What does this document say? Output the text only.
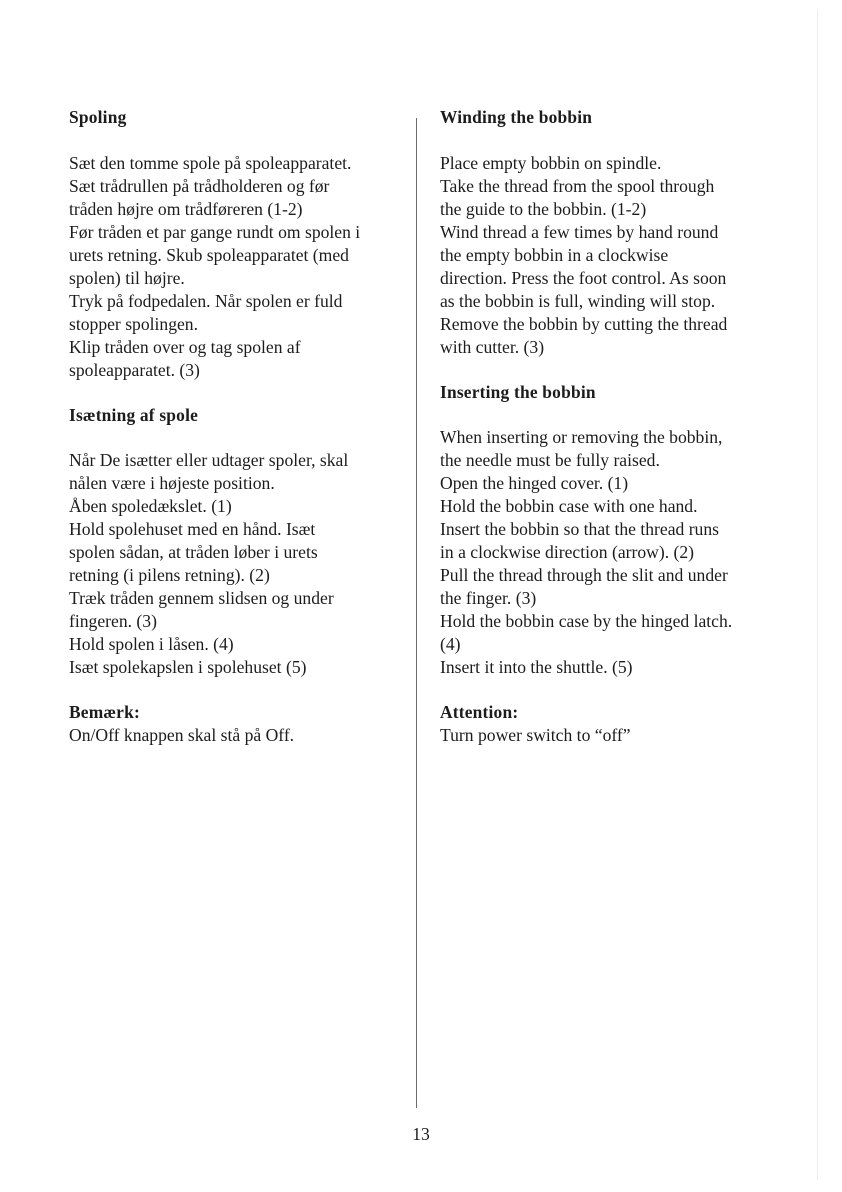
Spoling

Sæt den tomme spole på spoleapparatet.
Sæt trådrullen på trådholderen og før
tråden højre om trådføreren (1-2)
Før tråden et par gange rundt om spolen i
urets retning. Skub spoleapparatet (med
spolen) til højre.
Tryk på fodpedalen. Når spolen er fuld
stopper spolingen.
Klip tråden over og tag spolen af
spoleapparatet. (3)

Isætning af spole

Når De isætter eller udtager spoler, skal
nålen være i højeste position.
Åben spoledækslet. (1)
Hold spolehuset med en hånd. Isæt
spolen sådan, at tråden løber i urets
retning (i pilens retning). (2)
Træk tråden gennem slidsen og under
fingeren. (3)
Hold spolen i låsen. (4)
Isæt spolekapslen i spolehuset (5)

Bemærk:

On/Off knappen skal stå på Off.

Winding the bobbin

Place empty bobbin on spindle.
Take the thread from the spool through
the guide to the bobbin. (1-2)
Wind thread a few times by hand round
the empty bobbin in a clockwise
direction. Press the foot control. As soon
as the bobbin is full, winding will stop.
Remove the bobbin by cutting the thread
with cutter. (3)

Inserting the bobbin

When inserting or removing the bobbin,
the needle must be fully raised.
Open the hinged cover. (1)
Hold the bobbin case with one hand.
Insert the bobbin so that the thread runs
in a clockwise direction (arrow). (2)
Pull the thread through the slit and under
the finger. (3)
Hold the bobbin case by the hinged latch.
(4)
Insert it into the shuttle. (5)

Attention:

Turn power switch to “off”

13
